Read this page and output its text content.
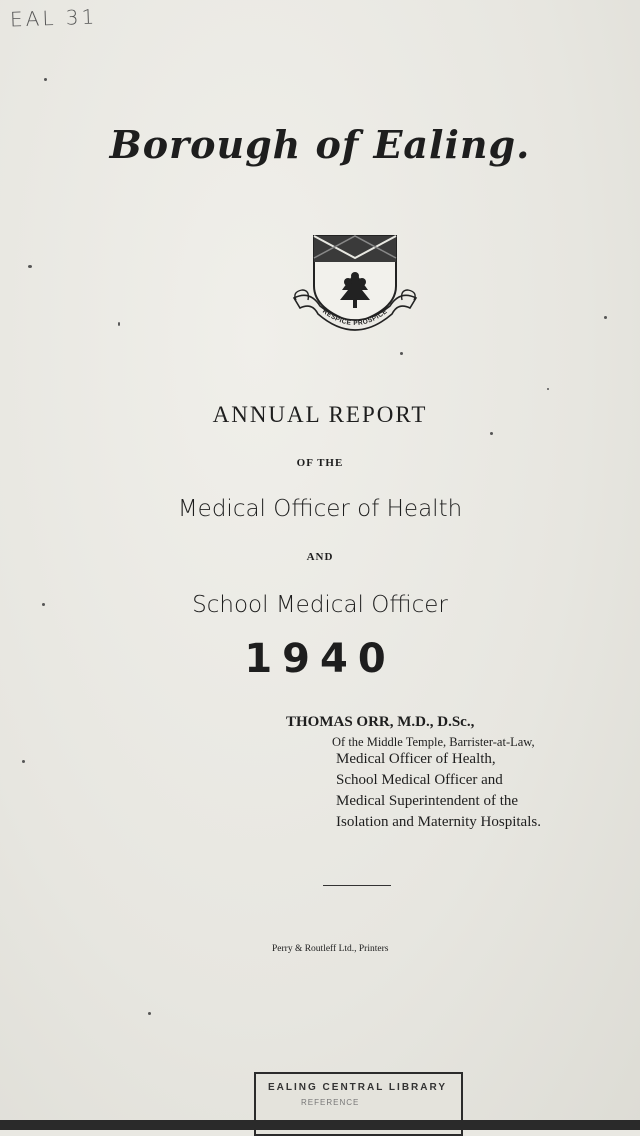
EAL 31
Borough of Ealing.
RESPICE PROSPICE
ANNUAL REPORT
OF THE
Medical Officer of Health
AND
School Medical Officer
1940
THOMAS ORR, M.D., D.Sc.,
Of the Middle Temple, Barrister-at-Law,
Medical Officer of Health,
School Medical Officer and
Medical Superintendent of the
Isolation and Maternity Hospitals.
Perry & Routleff Ltd., Printers
EALING CENTRAL LIBRARY
REFERENCE
